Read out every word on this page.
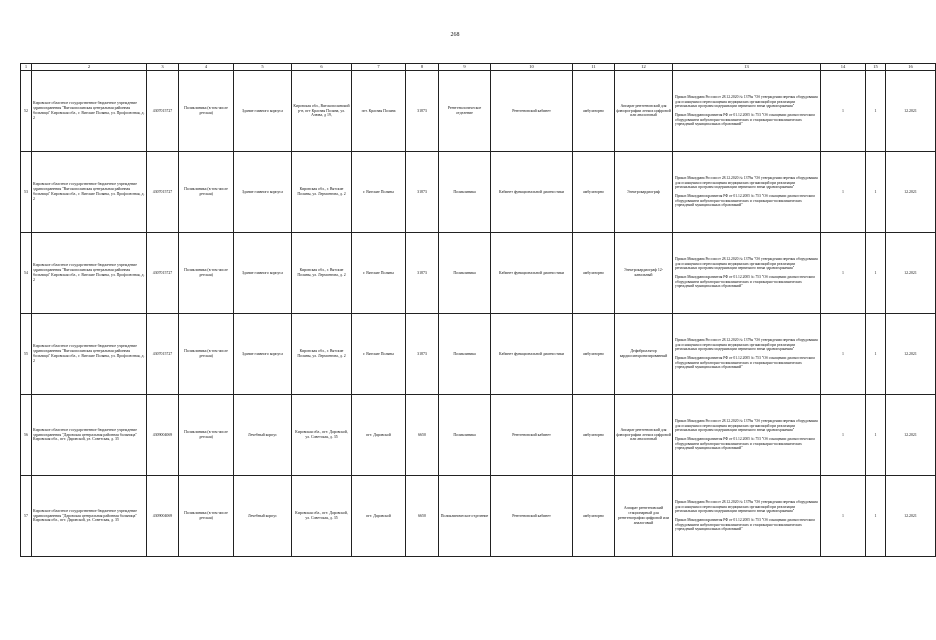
268
1	2	3	4	5	6	7	8	9	10	11	12	13	14	15	16
52	Кировское областное государственное бюджетное учреждение здравоохранения "Вятскополянская центральная районная больница" Кировская обл., г. Вятские Поляны, ул. Профсоюзная, д. 2	4307015727	Поликлиника (в том числе детская)	Здание главного корпуса	Кировская обл., Вятскополянский р-н, пгт Красная Поляна, ул. Аэюва, д 19,	пгт. Красная Поляна	31873	Рентгенологическое отделение	Рентгеновский кабинет	амбулаторно	Аппарат рентгеновский для флюорографии легких цифровой или аналоговый	Приказ Минздрава России от 28.12.2020 № 1379н "Об утверждении перечня оборудования для оснащения и переоснащения медицинских организаций при реализации региональных программ модернизации первичного звена здравоохранения"
Приказ Минздравсоцразвития РФ от 01.12.2005 № 753 "Об оснащении диагностическим оборудованием амбулаторно-поликлинических и стационарно-поликлинических учреждений муниципальных образований"	1	1	12.2021
53	Кировское областное государственное бюджетное учреждение здравоохранения "Вятскополянская центральная районная больница" Кировская обл., г. Вятские Поляны, ул. Профсоюзная, д. 2	4307015727	Поликлиника (в том числе детская)	Здание главного корпуса	Кировская обл., г. Вятские Поляны, ул. Лермонтова, д. 2	г. Вятские Поляны	31873	Поликлиника	Кабинет функциональной диагностики	амбулаторно	Электрокардиограф	Приказ Минздрава России от 28.12.2020 № 1379н "Об утверждении перечня оборудования для оснащения и переоснащения медицинских организаций при реализации региональных программ модернизации первичного звена здравоохранения"
Приказ Минздравсоцразвития РФ от 01.12.2005 № 753 "Об оснащении диагностическим оборудованием амбулаторно-поликлинических и стационарно-поликлинических учреждений муниципальных образований"	1	1	12.2021
54	Кировское областное государственное бюджетное учреждение здравоохранения "Вятскополянская центральная районная больница" Кировская обл., г. Вятские Поляны, ул. Профсоюзная, д. 2	4307015727	Поликлиника (в том числе детская)	Здание главного корпуса	Кировская обл., г. Вятские Поляны, ул. Лермонтова, д. 2	г. Вятские Поляны	31873	Поликлиника	Кабинет функциональной диагностики	амбулаторно	Электрокардиограф 12-канальный	Приказ Минздрава России от 28.12.2020 № 1379н "Об утверждении перечня оборудования для оснащения и переоснащения медицинских организаций при реализации региональных программ модернизации первичного звена здравоохранения"
Приказ Минздравсоцразвития РФ от 01.12.2005 № 753 "Об оснащении диагностическим оборудованием амбулаторно-поликлинических и стационарно-поликлинических учреждений муниципальных образований"	1	1	12.2021
55	Кировское областное государственное бюджетное учреждение здравоохранения "Вятскополянская центральная районная больница" Кировская обл., г. Вятские Поляны, ул. Профсоюзная, д. 2	4307015727	Поликлиника (в том числе детская)	Здание главного корпуса	Кировская обл., г. Вятские Поляны, ул. Лермонтова, д. 2	г. Вятские Поляны	31873	Поликлиника	Кабинет функциональной диагностики	амбулаторно	Дефибриллятор кардиосинхронизированный	Приказ Минздрава России от 28.12.2020 № 1379н "Об утверждении перечня оборудования для оснащения и переоснащения медицинских организаций при реализации региональных программ модернизации первичного звена здравоохранения"
Приказ Минздравсоцразвития РФ от 01.12.2005 № 753 "Об оснащении диагностическим оборудованием амбулаторно-поликлинических и стационарно-поликлинических учреждений муниципальных образований"	1	1	12.2021
56	Кировское областное государственное бюджетное учреждение здравоохранения "Даровская центральная районная больница" Кировская обл., пгт. Даровской, ул. Советская, д. 35	4309004069	Поликлиника (в том числе детская)	Лечебный корпус	Кировская обл., пгт. Даровской, ул. Советская, д. 35	пгт. Даровской	6650	Поликлиника	Рентгеновский кабинет	амбулаторно	Аппарат рентгеновский для флюорографии легких цифровой или аналоговый	Приказ Минздрава России от 28.12.2020 № 1379н "Об утверждении перечня оборудования для оснащения и переоснащения медицинских организаций при реализации региональных программ модернизации первичного звена здравоохранения"
Приказ Минздравсоцразвития РФ от 01.12.2005 № 753 "Об оснащении диагностическим оборудованием амбулаторно-поликлинических и стационарно-поликлинических учреждений муниципальных образований"	1	1	12.2021
57	Кировское областное государственное бюджетное учреждение здравоохранения "Даровская центральная районная больница" Кировская обл., пгт. Даровской, ул. Советская, д. 35	4309004069	Поликлиника (в том числе детская)	Лечебный корпус	Кировская обл., пгт. Даровской, ул. Советская, д. 35	пгт. Даровской	6650	Поликлиническое отделение	Рентгеновский кабинет	амбулаторно	Аппарат рентгеновский стационарный для рентгенографии цифровой или аналоговый	Приказ Минздрава России от 28.12.2020 № 1379н "Об утверждении перечня оборудования для оснащения и переоснащения медицинских организаций при реализации региональных программ модернизации первичного звена здравоохранения"
Приказ Минздравсоцразвития РФ от 01.12.2005 № 753 "Об оснащении диагностическим оборудованием амбулаторно-поликлинических и стационарно-поликлинических учреждений муниципальных образований"	1	1	12.2021
